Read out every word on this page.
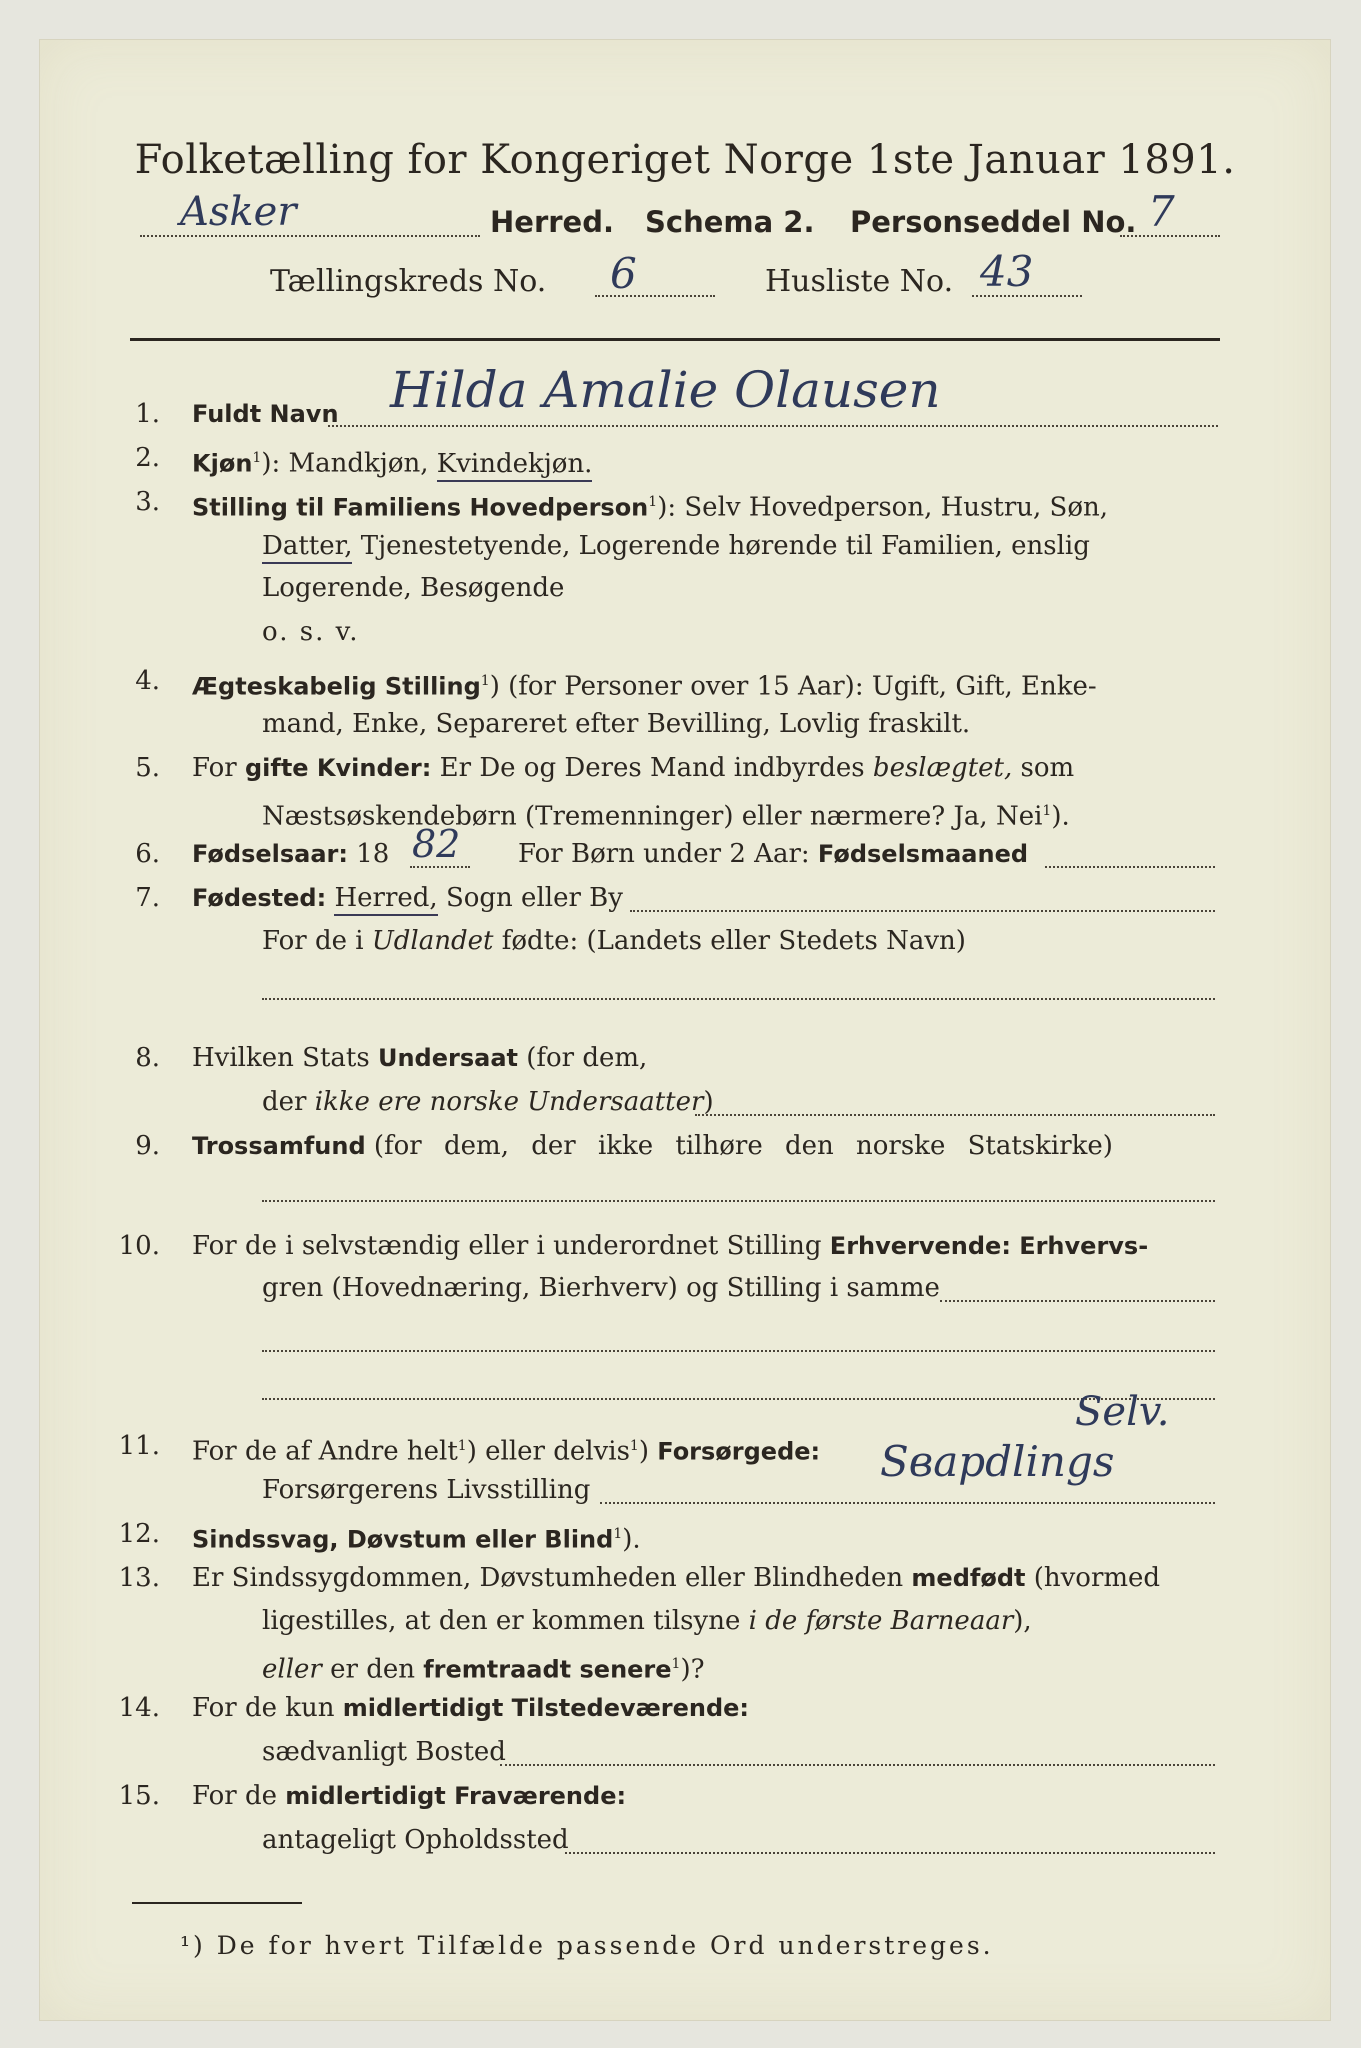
Folketælling for Kongeriget Norge 1ste Januar 1891.
Asker	Herred. Schema 2. Personseddel No. 7
Tællingskreds No. 6	Husliste No. 43
1. Fuldt Navn Hilda Amalie Olausen
2. Kjøn$^1$): Mandkjøn, Kvindekjøn.
3. Stilling til Familiens Hovedperson$^1$): Selv Hovedperson, Hustru, Søn,
Datter, Tjenestetyende, Logerende hørende til Familien, enslig
Logerende, Besøgende
o. s. v.
4. Ægteskabelig Stilling$^1$) (for Personer over 15 Aar): Ugift, Gift, Enke-
mand, Enke, Separeret efter Bevilling, Lovlig fraskilt.
5. For gifte Kvinder: Er De og Deres Mand indbyrdes beslægtet, som
Næstsøskendebørn (Tremenninger) eller nærmere? Ja, Nei$^1$).
6. Fødselsaar: 18 82 For Børn under 2 Aar: Fødselsmaaned
7. Fødested: Herred, Sogn eller By
For de i Udlandet fødte: (Landets eller Stedets Navn)
8. Hvilken Stats Undersaat (for dem,
der ikke ere norske Undersaatter)
9. Trossamfund (for dem, der ikke tilhøre den norske Statskirke)
10. For de i selvstændig eller i underordnet Stilling Erhvervende: Erhvervs-
gren (Hovednæring, Bierhverv) og Stilling i samme
11. For de af Andre helt$^1$) eller delvis$^1$) Forsørgede:
Selv.
Forsørgerens Livsstilling
Sварdlings
12. Sindssvag, Døvstum eller Blind$^1$).
13. Er Sindssygdommen, Døvstumheden eller Blindheden medfødt (hvormed
ligestilles, at den er kommen tilsyne i de første Barneaar),
eller er den fremtraadt senere$^1$)?
14. For de kun midlertidigt Tilstedeværende:
sædvanligt Bosted
15. For de midlertidigt Fraværende:
antageligt Opholdssted
¹) De for hvert Tilfælde passende Ord understreges.
